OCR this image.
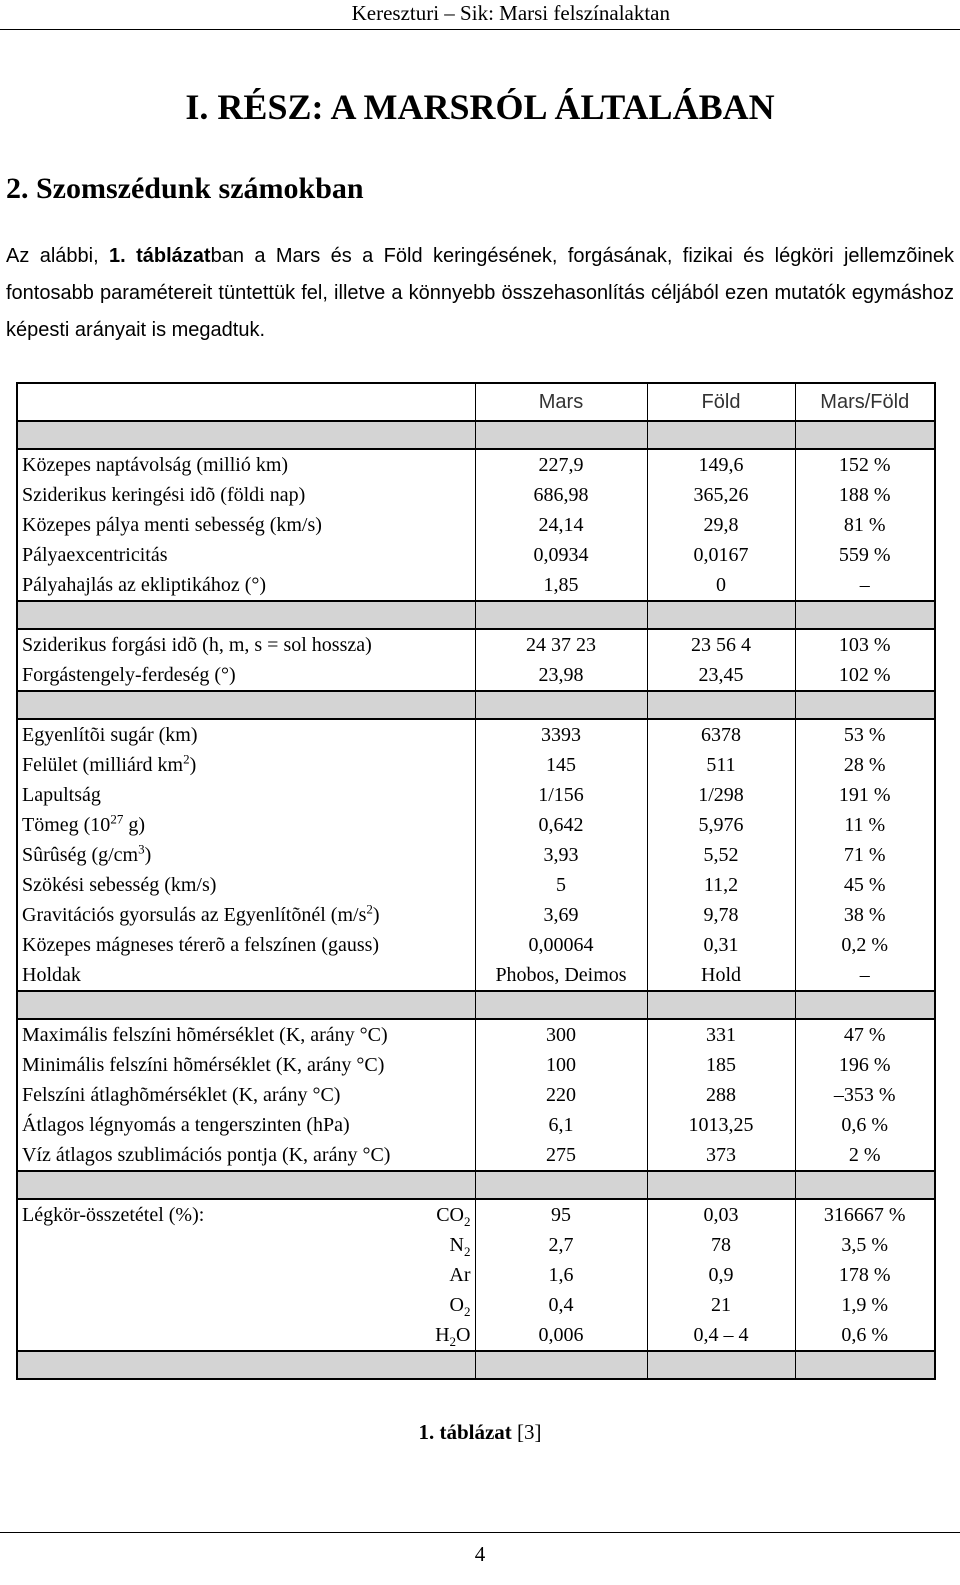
Kereszturi – Sik: Marsi felszínalaktan
I. RÉSZ: A MARSRÓL ÁLTALÁBAN
2. Szomszédunk számokban

Az alábbi, 1. táblázatban a Mars és a Föld keringésének, forgásának, fizikai és légköri jellemzõinek fontosabb paramétereit tüntettük fel, illetve a könnyebb összehasonlítás céljából ezen mutatók egymáshoz képesti arányait is megadtuk.

	Mars	Föld	Mars/Föld

Közepes naptávolság (millió km)	227,9	149,6	152 %
Sziderikus keringési idõ (földi nap)	686,98	365,26	188 %
Közepes pálya menti sebesség (km/s)	24,14	29,8	81 %
Pályaexcentricitás	0,0934	0,0167	559 %
Pályahajlás az ekliptikához (°)	1,85	0	–

Sziderikus forgási idõ (h, m, s = sol hossza)	24 37 23	23 56 4	103 %
Forgástengely-ferdeség (°)	23,98	23,45	102 %

Egyenlítõi sugár (km)	3393	6378	53 %
Felület (milliárd $km^2$)	145	511	28 %
Lapultság	1/156	1/298	191 %
Tömeg ($10^{27}$ g)	0,642	5,976	11 %
Sûrûség $(g/cm^3)$	3,93	5,52	71 %
Szökési sebesség (km/s)	5	11,2	45 %
Gravitációs gyorsulás az Egyenlítõnél $(m/s^2)$	3,69	9,78	38 %
Közepes mágneses térerõ a felszínen (gauss)	0,00064	0,31	0,2 %
Holdak	Phobos, Deimos	Hold	–

Maximális felszíni hõmérséklet (K, arány °C)	300	331	47 %
Minimális felszíni hõmérséklet (K, arány °C)	100	185	196 %
Felszíni átlaghõmérséklet (K, arány °C)	220	288	–353 %
Átlagos légnyomás a tengerszinten (hPa)	6,1	1013,25	0,6 %
Víz átlagos szublimációs pontja (K, arány °C)	275	373	2 %

Légkör-összetétel (%): $CO_2$	95	0,03	316667 %

$N_2$	2,7	78	3,5 %

Ar	1,6	0,9	178 %

$O_2$	0,4	21	1,9 %

$H_2O$	0,006	0,4 – 4	0,6 %

1. táblázat [3]
4
